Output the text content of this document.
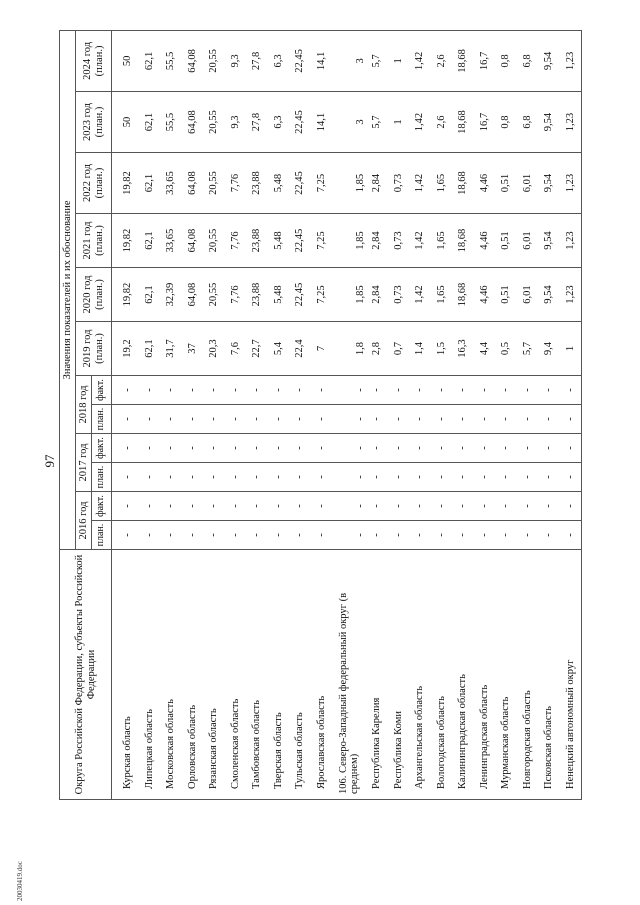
97
20030419.doc
Округа Российской Федерации, субъекты Российской Федерации	Значения показателей и их обоснование											
	2016 год		2017 год		2018 год		2019 год (план.)	2020 год (план.)	2021 год (план.)	2022 год (план.)	2023 год (план.)	2024 год (план.)
	план.	факт.	план.	факт.	план.	факт.						
Курская область	-	-	-	-	-	-	19,2	19,82	19,82	19,82	50	50
Липецкая область	-	-	-	-	-	-	62,1	62,1	62,1	62,1	62,1	62,1
Московская область	-	-	-	-	-	-	31,7	32,39	33,65	33,65	55,5	55,5
Орловская область	-	-	-	-	-	-	37	64,08	64,08	64,08	64,08	64,08
Рязанская область	-	-	-	-	-	-	20,3	20,55	20,55	20,55	20,55	20,55
Смоленская область	-	-	-	-	-	-	7,6	7,76	7,76	7,76	9,3	9,3
Тамбовская область	-	-	-	-	-	-	22,7	23,88	23,88	23,88	27,8	27,8
Тверская область	-	-	-	-	-	-	5,4	5,48	5,48	5,48	6,3	6,3
Тульская область	-	-	-	-	-	-	22,4	22,45	22,45	22,45	22,45	22,45
Ярославская область	-	-	-	-	-	-	7	7,25	7,25	7,25	14,1	14,1
106. Северо-Западный федеральный округ (в среднем)	-	-	-	-	-	-	1,8	1,85	1,85	1,85	3	3
Республика Карелия	-	-	-	-	-	-	2,8	2,84	2,84	2,84	5,7	5,7
Республика Коми	-	-	-	-	-	-	0,7	0,73	0,73	0,73	1	1
Архангельская область	-	-	-	-	-	-	1,4	1,42	1,42	1,42	1,42	1,42
Вологодская область	-	-	-	-	-	-	1,5	1,65	1,65	1,65	2,6	2,6
Калининградская область	-	-	-	-	-	-	16,3	18,68	18,68	18,68	18,68	18,68
Ленинградская область	-	-	-	-	-	-	4,4	4,46	4,46	4,46	16,7	16,7
Мурманская область	-	-	-	-	-	-	0,5	0,51	0,51	0,51	0,8	0,8
Новгородская область	-	-	-	-	-	-	5,7	6,01	6,01	6,01	6,8	6,8
Псковская область	-	-	-	-	-	-	9,4	9,54	9,54	9,54	9,54	9,54
Ненецкий автономный округ	-	-	-	-	-	-	1	1,23	1,23	1,23	1,23	1,23
